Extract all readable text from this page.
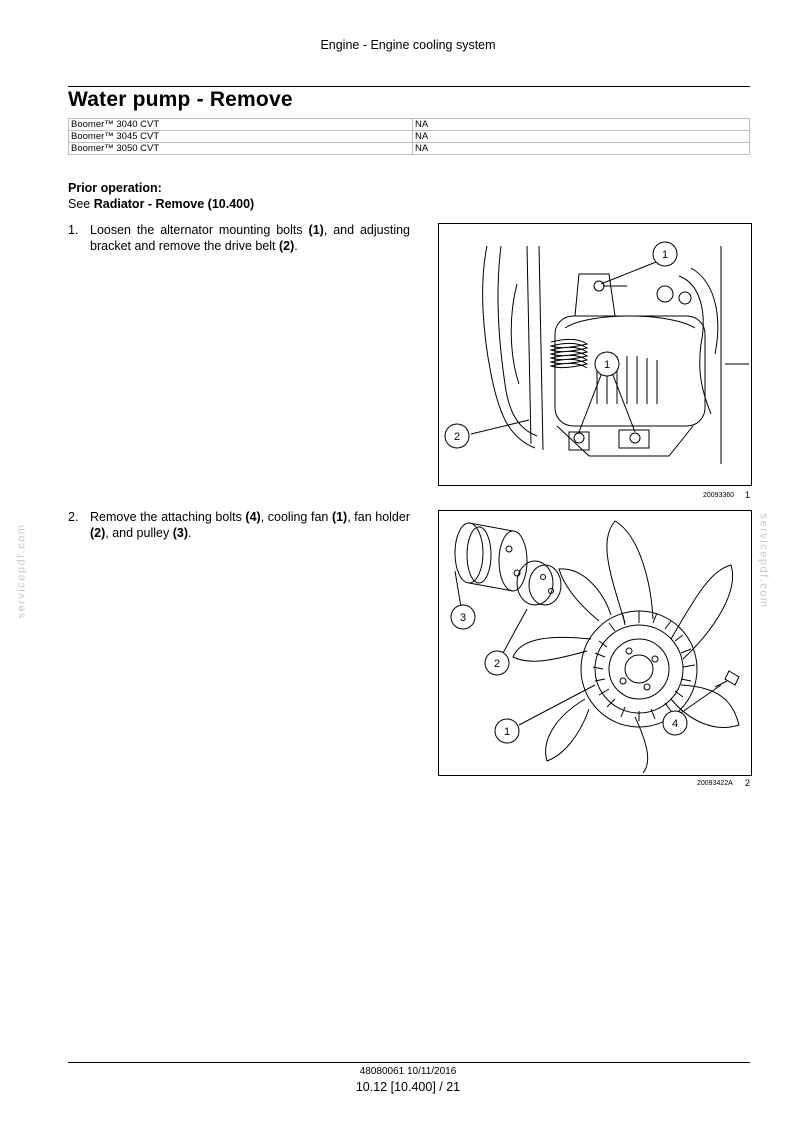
Engine - Engine cooling system
Water pump - Remove
Boomer™ 3040 CVT	NA
Boomer™ 3045 CVT	NA
Boomer™ 3050 CVT	NA
Prior operation:
See Radiator - Remove (10.400)
1. Loosen the alternator mounting bolts (1), and adjusting bracket and remove the drive belt (2).
2. Remove the attaching bolts (4), cooling fan (1), fan holder (2), and pulley (3).
1
1
2
20093360 1
3
2
1
4
20093422A 2
servicepdf.com	servicepdf.com
48080061 10/11/2016
10.12 [10.400] / 21
